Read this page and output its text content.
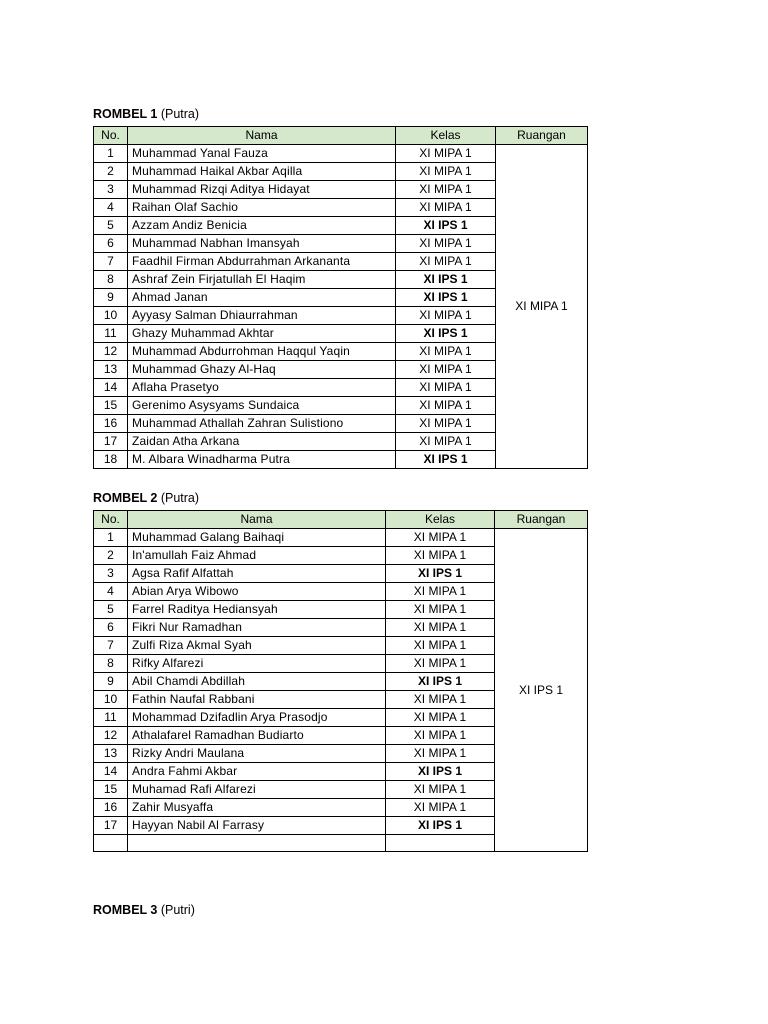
ROMBEL 1 (Putra)
No.	Nama	Kelas	Ruangan
1	Muhammad Yanal Fauza	XI MIPA 1	XI MIPA 1
2	Muhammad Haikal Akbar Aqilla	XI MIPA 1	
3	Muhammad Rizqi Aditya Hidayat	XI MIPA 1	
4	Raihan Olaf Sachio	XI MIPA 1	
5	Azzam Andiz Benicia	XI IPS 1	
6	Muhammad Nabhan Imansyah	XI MIPA 1	
7	Faadhil Firman Abdurrahman Arkananta	XI MIPA 1	
8	Ashraf Zein Firjatullah El Haqim	XI IPS 1	
9	Ahmad Janan	XI IPS 1	
10	Ayyasy Salman Dhiaurrahman	XI MIPA 1	
11	Ghazy Muhammad Akhtar	XI IPS 1	
12	Muhammad Abdurrohman Haqqul Yaqin	XI MIPA 1	
13	Muhammad Ghazy Al-Haq	XI MIPA 1	
14	Aflaha Prasetyo	XI MIPA 1	
15	Gerenimo Asysyams Sundaica	XI MIPA 1	
16	Muhammad Athallah Zahran Sulistiono	XI MIPA 1	
17	Zaidan Atha Arkana	XI MIPA 1	
18	M. Albara Winadharma Putra	XI IPS 1	
ROMBEL 2 (Putra)
No.	Nama	Kelas	Ruangan
1	Muhammad Galang Baihaqi	XI MIPA 1	XI IPS 1
2	In'amullah Faiz Ahmad	XI MIPA 1	
3	Agsa Rafif Alfattah	XI IPS 1	
4	Abian Arya Wibowo	XI MIPA 1	
5	Farrel Raditya Hediansyah	XI MIPA 1	
6	Fikri Nur Ramadhan	XI MIPA 1	
7	Zulfi Riza Akmal Syah	XI MIPA 1	
8	Rifky Alfarezi	XI MIPA 1	
9	Abil Chamdi Abdillah	XI IPS 1	
10	Fathin Naufal Rabbani	XI MIPA 1	
11	Mohammad Dzifadlin Arya Prasodjo	XI MIPA 1	
12	Athalafarel Ramadhan Budiarto	XI MIPA 1	
13	Rizky Andri Maulana	XI MIPA 1	
14	Andra Fahmi Akbar	XI IPS 1	
15	Muhamad Rafi Alfarezi	XI MIPA 1	
16	Zahir Musyaffa	XI MIPA 1	
17	Hayyan Nabil Al Farrasy	XI IPS 1	

ROMBEL 3 (Putri)
